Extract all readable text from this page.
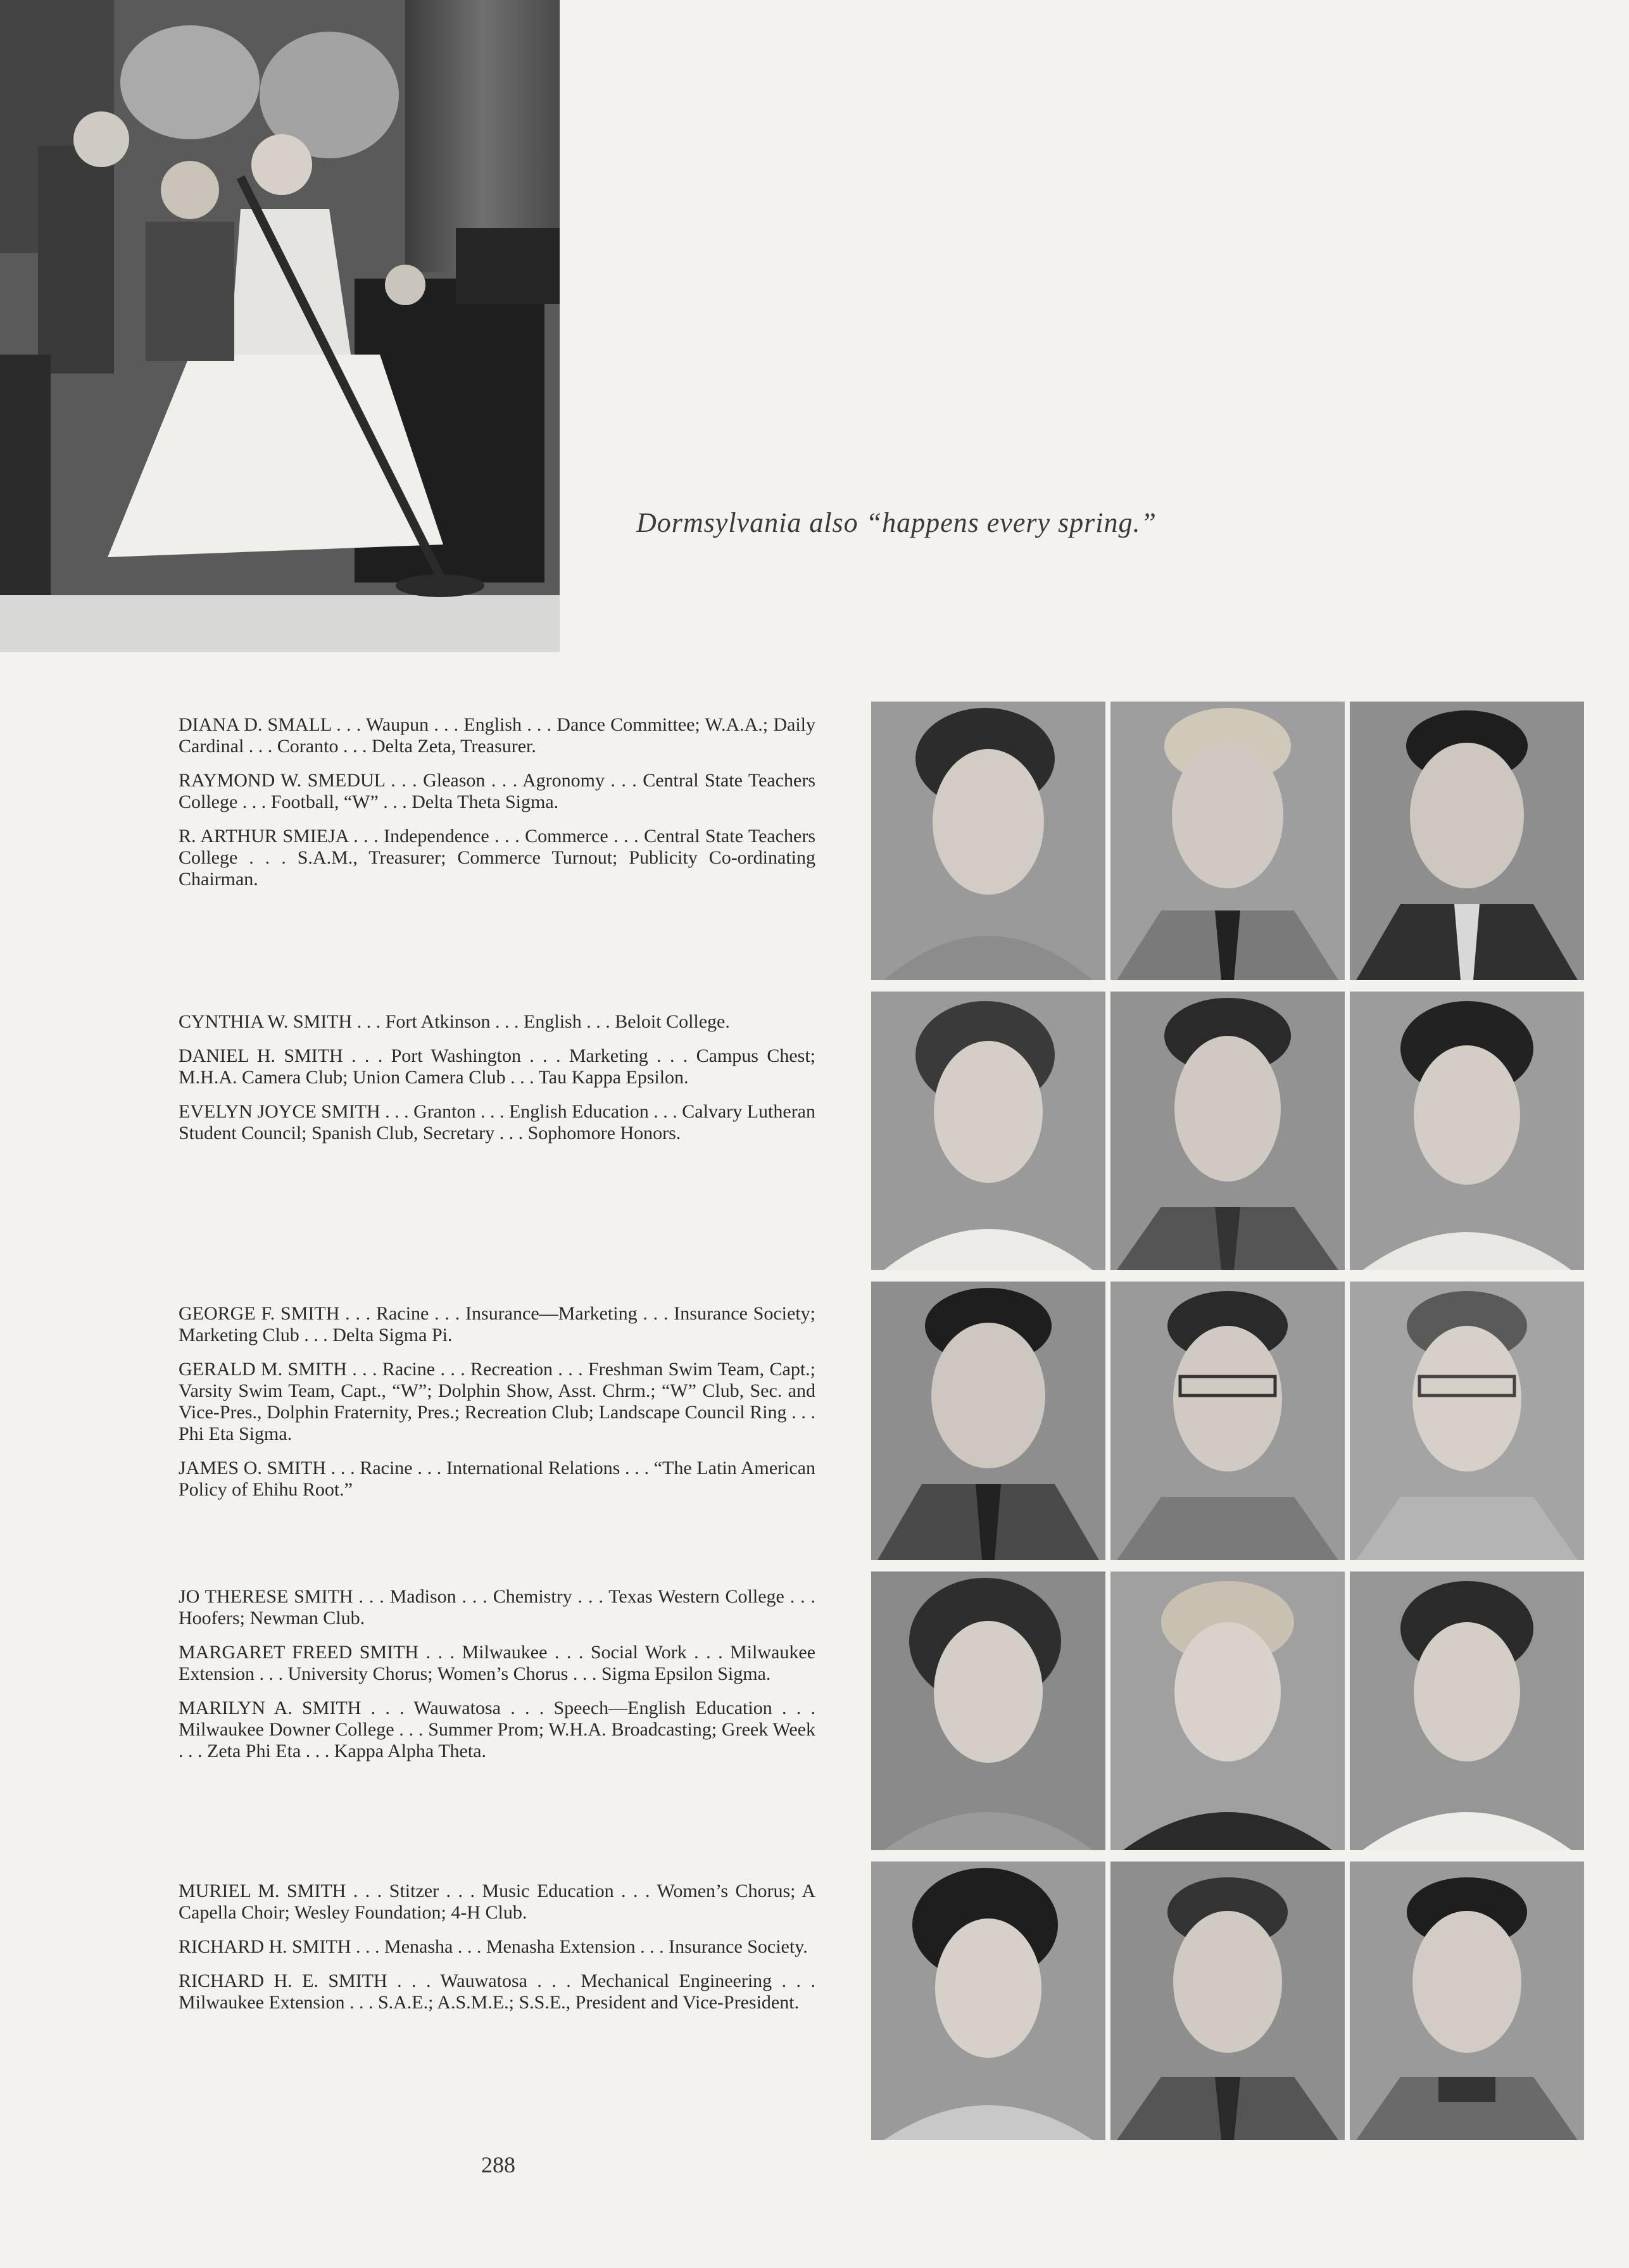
Dormsylvania also “happens every spring.”

DIANA D. SMALL . . . Waupun . . . English . . . Dance Committee; W.A.A.; Daily Cardinal . . . Coranto . . . Delta Zeta, Treasurer.

RAYMOND W. SMEDUL . . . Gleason . . . Agronomy . . . Central State Teachers College . . . Football, “W” . . . Delta Theta Sigma.

R. ARTHUR SMIEJA . . . Independence . . . Commerce . . . Central State Teachers College . . . S.A.M., Treasurer; Commerce Turnout; Publicity Co-ordinating Chairman.

CYNTHIA W. SMITH . . . Fort Atkinson . . . English . . . Beloit College.

DANIEL H. SMITH . . . Port Washington . . . Marketing . . . Campus Chest; M.H.A. Camera Club; Union Camera Club . . . Tau Kappa Epsilon.

EVELYN JOYCE SMITH . . . Granton . . . English Education . . . Calvary Lutheran Student Council; Spanish Club, Secretary . . . Sophomore Honors.

GEORGE F. SMITH . . . Racine . . . Insurance—Marketing . . . Insurance Society; Marketing Club . . . Delta Sigma Pi.

GERALD M. SMITH . . . Racine . . . Recreation . . . Freshman Swim Team, Capt.; Varsity Swim Team, Capt., “W”; Dolphin Show, Asst. Chrm.; “W” Club, Sec. and Vice-Pres., Dolphin Fraternity, Pres.; Recreation Club; Landscape Council Ring . . . Phi Eta Sigma.

JAMES O. SMITH . . . Racine . . . International Relations . . . “The Latin American Policy of Ehihu Root.”

JO THERESE SMITH . . . Madison . . . Chemistry . . . Texas Western College . . . Hoofers; Newman Club.

MARGARET FREED SMITH . . . Milwaukee . . . Social Work . . . Milwaukee Extension . . . University Chorus; Women’s Chorus . . . Sigma Epsilon Sigma.

MARILYN A. SMITH . . . Wauwatosa . . . Speech—English Education . . . Milwaukee Downer College . . . Summer Prom; W.H.A. Broadcasting; Greek Week . . . Zeta Phi Eta . . . Kappa Alpha Theta.

MURIEL M. SMITH . . . Stitzer . . . Music Education . . . Women’s Chorus; A Capella Choir; Wesley Foundation; 4-H Club.

RICHARD H. SMITH . . . Menasha . . . Menasha Extension . . . Insurance Society.

RICHARD H. E. SMITH . . . Wauwatosa . . . Mechanical Engineering . . . Milwaukee Extension . . . S.A.E.; A.S.M.E.; S.S.E., President and Vice-President.

288
